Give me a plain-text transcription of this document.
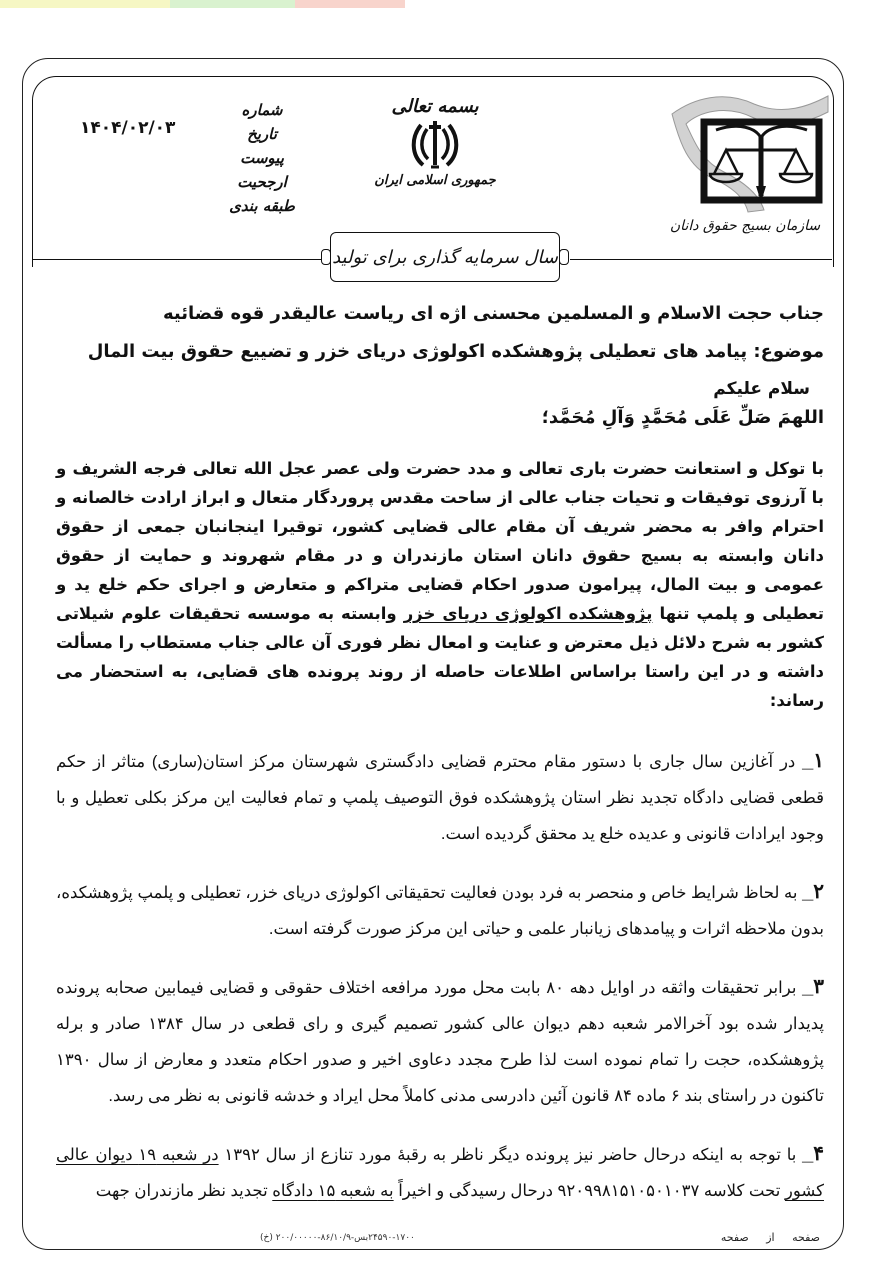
سازمان بسیج حقوق دانان
بسمه تعالی
جمهوری اسلامی ایران
شماره
تاریخ
پیوست
ارجحیت
طبقه بندی
۱۴۰۴/۰۲/۰۳
سال سرمایه گذاری برای تولید
جناب حجت الاسلام و المسلمین محسنی اژه ای ریاست عالیقدر قوه قضائیه
موضوع: پیامد های تعطیلی پژوهشکده اکولوژی دریای خزر و تضییع حقوق بیت المال
سلام علیکم
اللهمَ صَلِّ عَلَی مُحَمَّدٍ وَآلِ مُحَمَّد؛
با توکل و استعانت حضرت باری تعالی و مدد حضرت ولی عصر عجل الله تعالی فرجه الشریف و با آرزوی توفیقات و تحیات جناب عالی از ساحت مقدس پروردگار متعال و ابراز ارادت خالصانه و احترام وافر به محضر شریف آن مقام عالی قضایی کشور، توقیرا اینجانبان جمعی از حقوق دانان وابسته به بسیج حقوق دانان استان مازندران و در مقام شهروند و حمایت از حقوق عمومی و بیت المال، پیرامون صدور احکام قضایی متراکم و متعارض و اجرای حکم خلع ید و تعطیلی و پلمپ تنها پژوهشکده اکولوژی دریای خزر وابسته به موسسه تحقیقات علوم شیلاتی کشور به شرح دلائل ذیل معترض و عنایت و امعال نظر فوری آن عالی جناب مستطاب را مسألت داشته و در این راستا براساس اطلاعات حاصله از روند پرونده های قضایی، به استحضار می رساند:
۱_ در آغازین سال جاری با دستور مقام محترم قضایی دادگستری شهرستان مرکز استان(ساری) متاثر از حکم قطعی قضایی دادگاه تجدید نظر استان پژوهشکده فوق التوصیف پلمپ و تمام فعالیت این مرکز بکلی تعطیل و با وجود ایرادات قانونی و عدیده خلع ید محقق گردیده است.
۲_ به لحاظ شرایط خاص و منحصر به فرد بودن فعالیت تحقیقاتی اکولوژی دریای خزر، تعطیلی و پلمپ پژوهشکده، بدون ملاحظه اثرات و پیامدهای زیانبار علمی و حیاتی این مرکز صورت گرفته است.
۳_ برابر تحقیقات واثقه در اوایل دهه ۸۰ بابت محل مورد مرافعه اختلاف حقوقی و قضایی فیمابین صحابه پرونده پدیدار شده بود آخرالامر شعبه دهم دیوان عالی کشور تصمیم گیری و رای قطعی در سال ۱۳۸۴ صادر و برله پژوهشکده، حجت را تمام نموده است لذا طرح مجدد دعاوی اخیر و صدور احکام متعدد و معارض از سال ۱۳۹۰ تاکنون در راستای بند ۶ ماده ۸۴ قانون آئین دادرسی مدنی کاملاً محل ایراد و خدشه قانونی به نظر می رسد.
۴_ با توجه به اینکه درحال حاضر نیز پرونده دیگر ناظر به رقبهٔ مورد تنازع از سال ۱۳۹۲ در شعبه ۱۹ دیوان عالی کشور تحت کلاسه ۹۲۰۹۹۸۱۵۱۰۵۰۱۰۳۷ درحال رسیدگی و اخیراً به شعبه ۱۵ دادگاه تجدید نظر مازندران جهت
صفحه از صفحه
۲۴۵۹۰-۱۷۰۰بس-۸۶/۱۰/۹-۲۰۰/۰۰۰۰۰ (خ)
